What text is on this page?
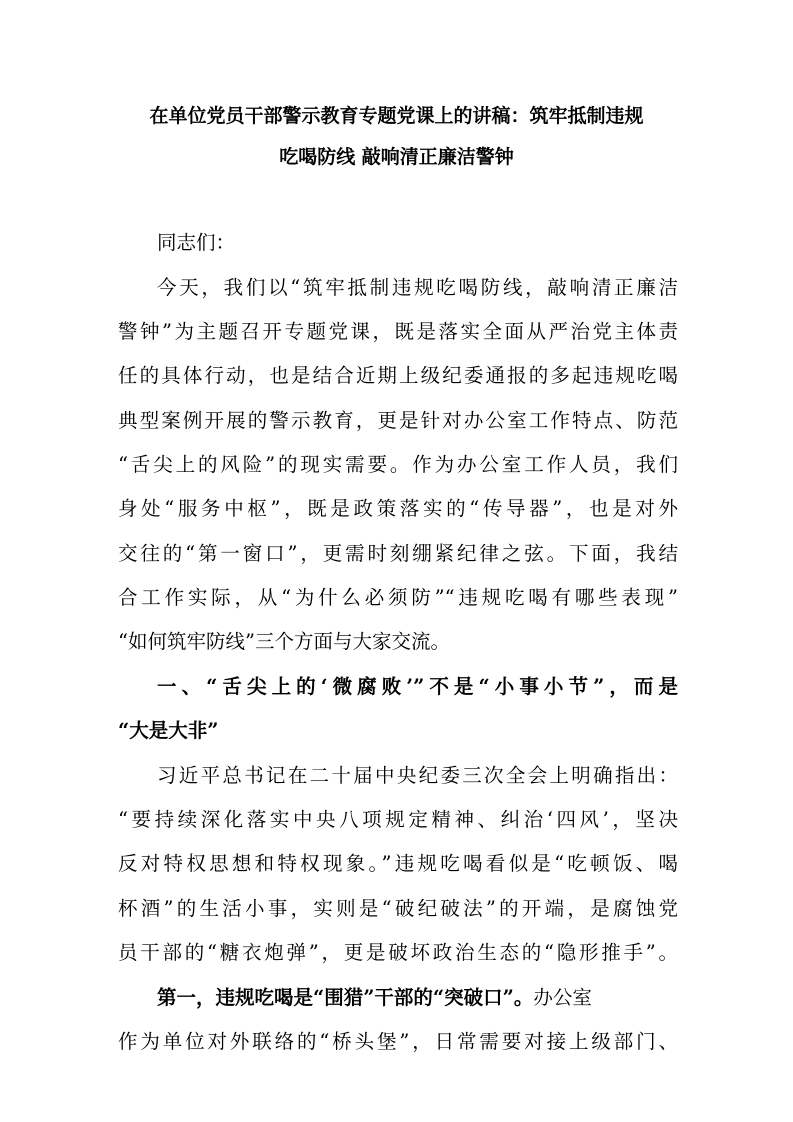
在单位党员干部警示教育专题党课上的讲稿：筑牢抵制违规
吃喝防线 敲响清正廉洁警钟
同志们：
今天，我们以“筑牢抵制违规吃喝防线，敲响清正廉洁
警钟”为主题召开专题党课，既是落实全面从严治党主体责
任的具体行动，也是结合近期上级纪委通报的多起违规吃喝
典型案例开展的警示教育，更是针对办公室工作特点、防范
“舌尖上的风险”的现实需要。作为办公室工作人员，我们
身处“服务中枢”，既是政策落实的“传导器”，也是对外
交往的“第一窗口”，更需时刻绷紧纪律之弦。下面，我结
合工作实际，从“为什么必须防”“违规吃喝有哪些表现”
“如何筑牢防线”三个方面与大家交流。
一、“舌尖上的‘微腐败’”不是“小事小节”，而是
“大是大非”
习近平总书记在二十届中央纪委三次全会上明确指出：
“要持续深化落实中央八项规定精神、纠治‘四风’，坚决
反对特权思想和特权现象。”违规吃喝看似是“吃顿饭、喝
杯酒”的生活小事，实则是“破纪破法”的开端，是腐蚀党
员干部的“糖衣炮弹”，更是破坏政治生态的“隐形推手”。
第一，违规吃喝是“围猎”干部的“突破口”。办公室
作为单位对外联络的“桥头堡”，日常需要对接上级部门、
